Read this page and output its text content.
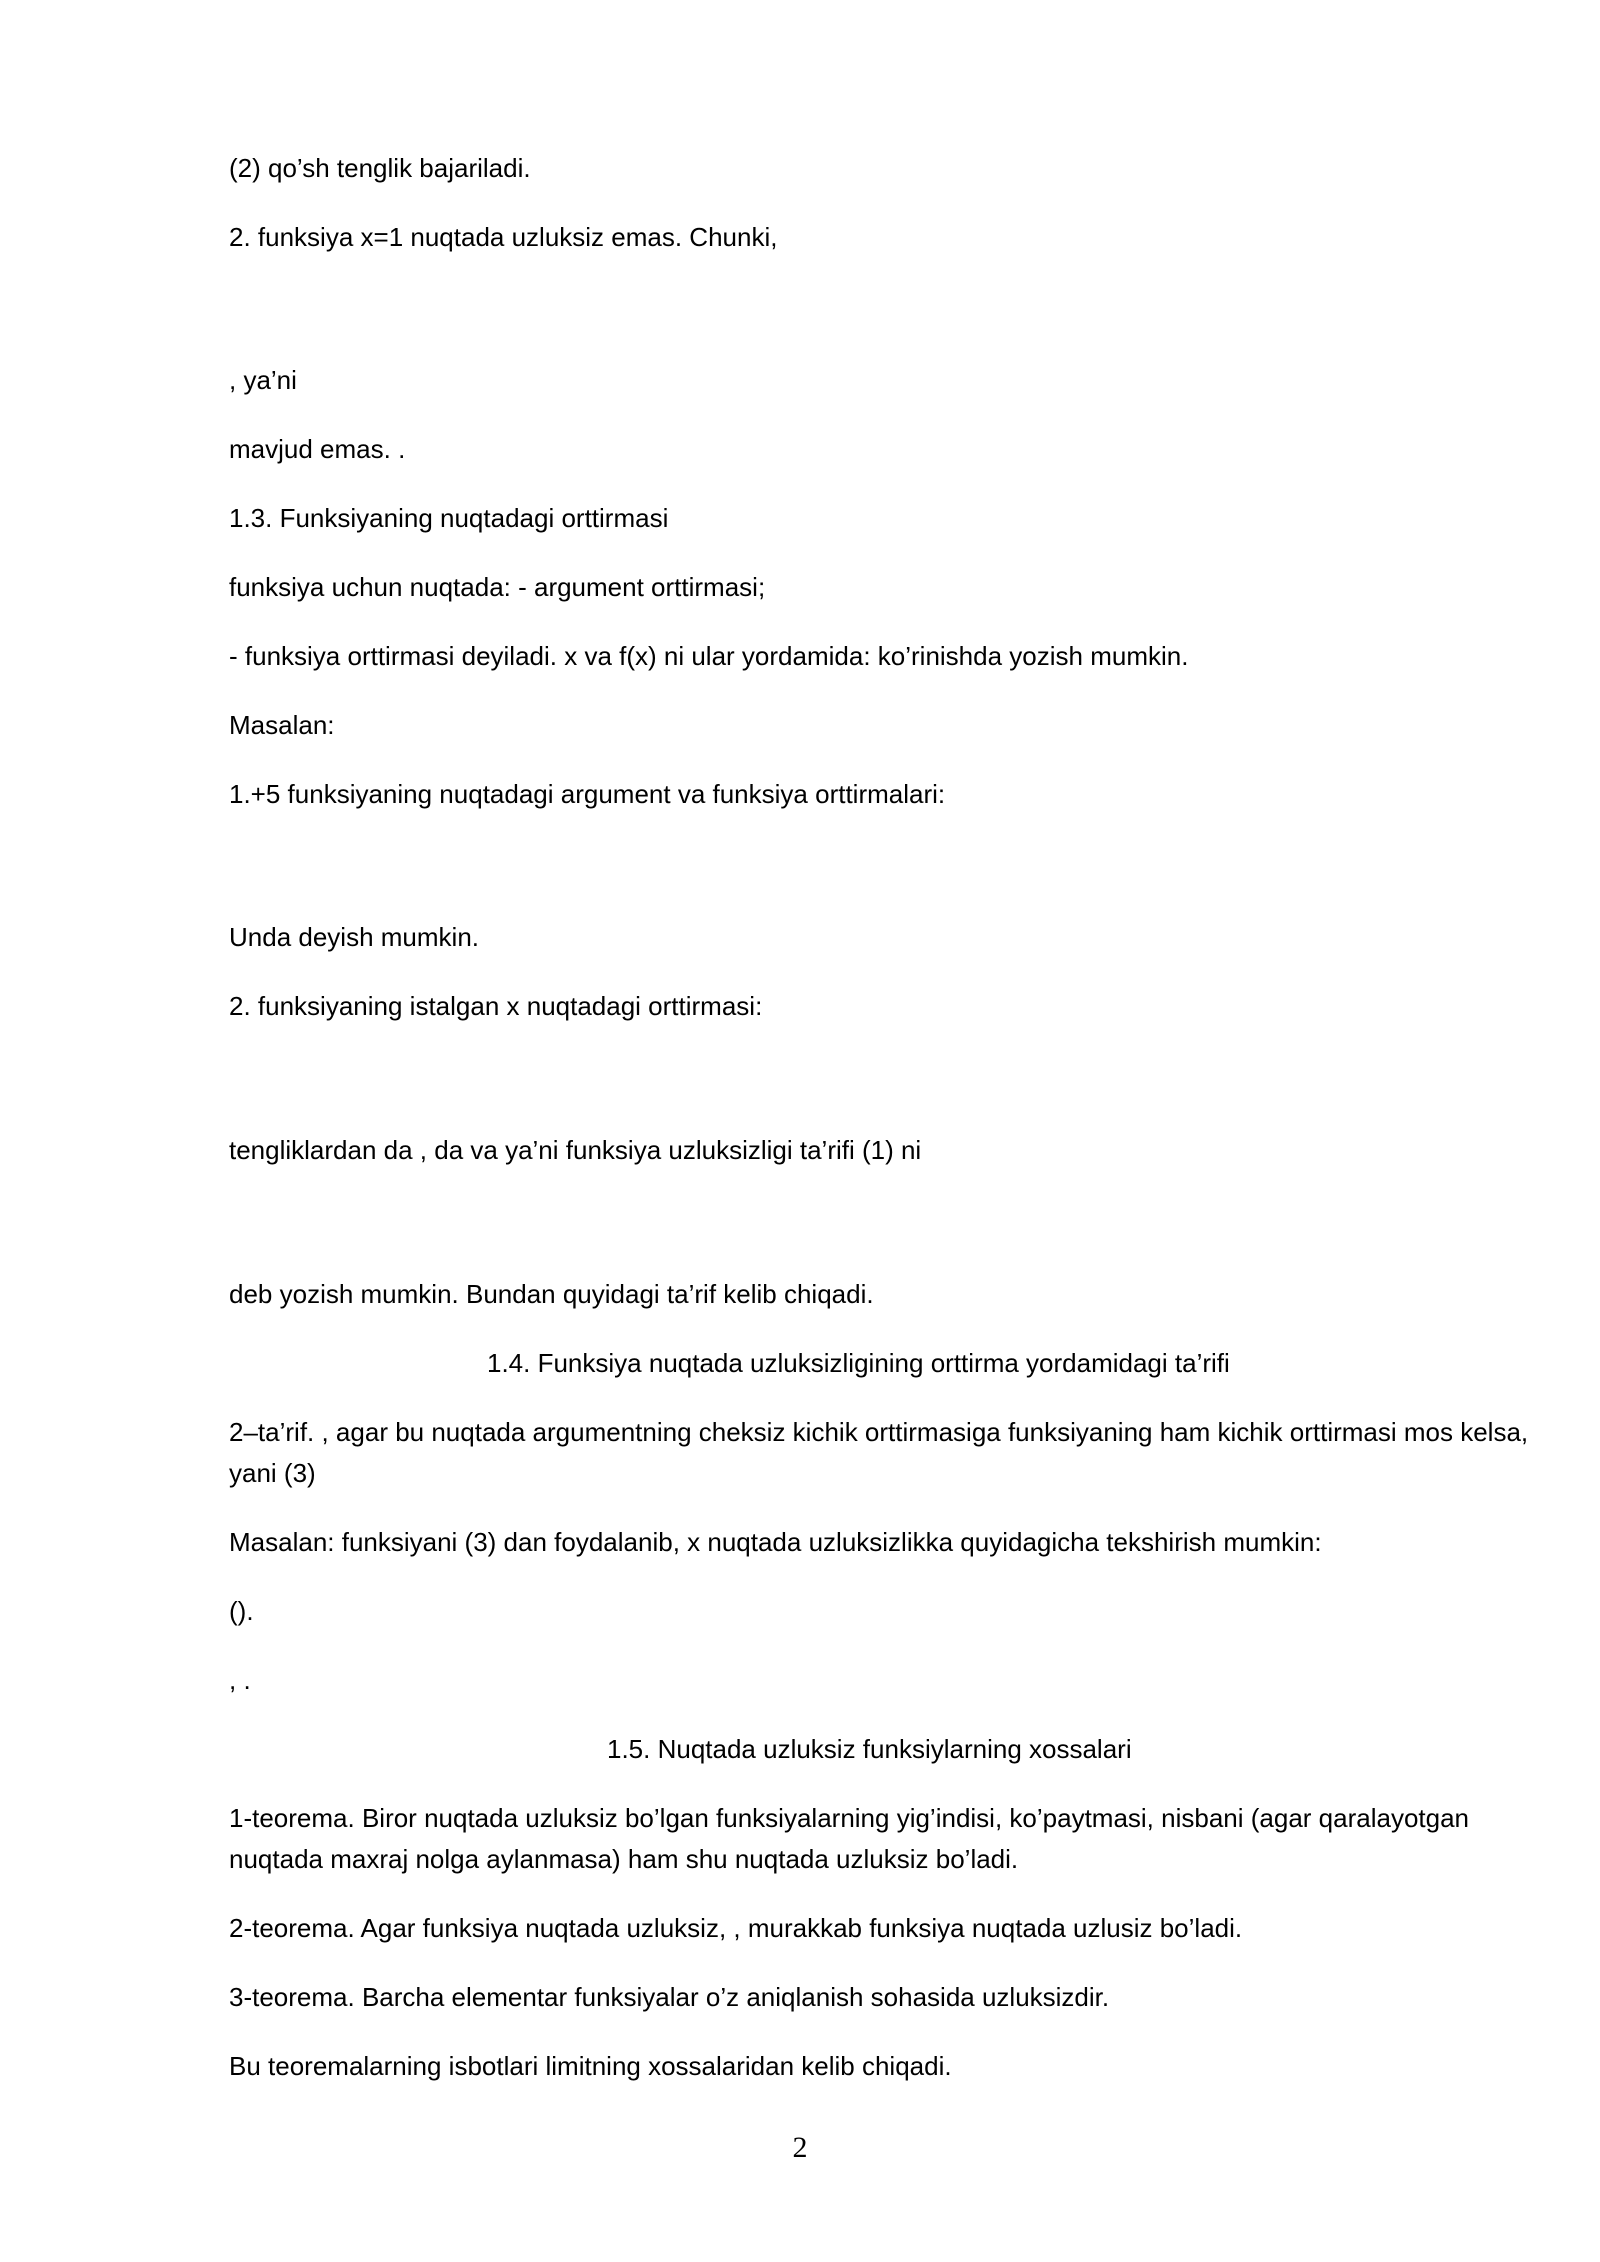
(2) qo’sh tenglik bajariladi.
2. funksiya x=1 nuqtada uzluksiz emas. Chunki,
, ya’ni
mavjud emas. .
1.3. Funksiyaning nuqtadagi orttirmasi
funksiya uchun nuqtada: - argument orttirmasi;
- funksiya orttirmasi deyiladi. x va f(x) ni ular yordamida: ko’rinishda yozish mumkin.
Masalan:
1.+5 funksiyaning nuqtadagi argument va funksiya orttirmalari:
Unda deyish mumkin.
2. funksiyaning istalgan x nuqtadagi orttirmasi:
tengliklardan da , da va ya’ni funksiya uzluksizligi ta’rifi (1) ni
deb yozish mumkin. Bundan quyidagi ta’rif kelib chiqadi.
1.4. Funksiya nuqtada uzluksizligining orttirma yordamidagi ta’rifi
2–ta’rif. , agar bu nuqtada argumentning cheksiz kichik orttirmasiga funksiyaning ham kichik orttirmasi mos kelsa, yani (3)
Masalan: funksiyani (3) dan foydalanib, x nuqtada uzluksizlikka quyidagicha tekshirish mumkin:
().
, .
1.5. Nuqtada uzluksiz funksiylarning xossalari
1-teorema. Biror nuqtada uzluksiz bo’lgan funksiyalarning yig’indisi, ko’paytmasi, nisbani (agar qaralayotgan nuqtada maxraj nolga aylanmasa) ham shu nuqtada uzluksiz bo’ladi.
2-teorema. Agar funksiya nuqtada uzluksiz, , murakkab funksiya nuqtada uzlusiz bo’ladi.
3-teorema. Barcha elementar funksiyalar o’z aniqlanish sohasida uzluksizdir.
Bu teoremalarning isbotlari limitning xossalaridan kelib chiqadi.
2
